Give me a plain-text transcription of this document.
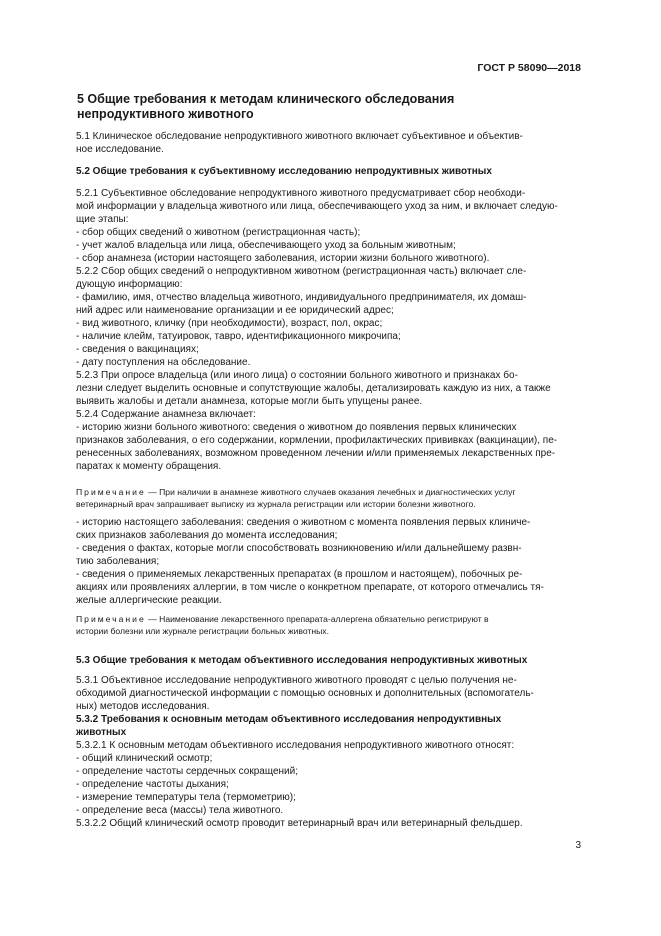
ГОСТ Р 58090—2018
5 Общие требования к методам клинического обследования
непродуктивного животного
5.1 Клиническое обследование непродуктивного животного включает субъективное и объектив-
ное исследование.
5.2 Общие требования к субъективному исследованию непродуктивных животных
5.2.1 Субъективное обследование непродуктивного животного предусматривает сбор необходи-
мой информации у владельца животного или лица, обеспечивающего уход за ним, и включает следую-
щие этапы:
- сбор общих сведений о животном (регистрационная часть);
- учет жалоб владельца или лица, обеспечивающего уход за больным животным;
- сбор анамнеза (истории настоящего заболевания, истории жизни больного животного).
5.2.2 Сбор общих сведений о непродуктивном животном (регистрационная часть) включает сле-
дующую информацию:
- фамилию, имя, отчество владельца животного, индивидуального предпринимателя, их домаш-
ний адрес или наименование организации и ее юридический адрес;
- вид животного, кличку (при необходимости), возраст, пол, окрас;
- наличие клейм, татуировок, тавро, идентификационного микрочипа;
- сведения о вакцинациях;
- дату поступления на обследование.
5.2.3 При опросе владельца (или иного лица) о состоянии больного животного и признаках бо-
лезни следует выделить основные и сопутствующие жалобы, детализировать каждую из них, а также
выявить жалобы и детали анамнеза, которые могли быть упущены ранее.
5.2.4 Содержание анамнеза включает:
- историю жизни больного животного: сведения о животном до появления первых клинических
признаков заболевания, о его содержании, кормлении, профилактических прививках (вакцинации), пе-
ренесенных заболеваниях, возможном проведенном лечении и/или применяемых лекарственных пре-
паратах к моменту обращения.
Примечание — При наличии в анамнезе животного случаев оказания лечебных и диагностических услуг
ветеринарный врач запрашивает выписку из журнала регистрации или истории болезни животного.
- историю настоящего заболевания: сведения о животном с момента появления первых клиниче-
ских признаков заболевания до момента исследования;
- сведения о фактах, которые могли способствовать возникновению и/или дальнейшему развн-
тию заболевания;
- сведения о применяемых лекарственных препаратах (в прошлом и настоящем), побочных ре-
акциях или проявлениях аллергии, в том числе о конкретном препарате, от которого отмечались тя-
желые аллергические реакции.
Примечание — Наименование лекарственного препарата-аллергена обязательно регистрируют в
истории болезни или журнале регистрации больных животных.
5.3 Общие требования к методам объективного исследования непродуктивных животных
5.3.1 Объективное исследование непродуктивного животного проводят с целью получения не-
обходимой диагностической информации с помощью основных и дополнительных (вспомогатель-
ных) методов исследования.
5.3.2 Требования к основным методам объективного исследования непродуктивных
животных
5.3.2.1 К основным методам объективного исследования непродуктивного животного относят:
- общий клинический осмотр;
- определение частоты сердечных сокращений;
- определение частоты дыхания;
- измерение температуры тела (термометрию);
- определение веса (массы) тела животного.
5.3.2.2 Общий клинический осмотр проводит ветеринарный врач или ветеринарный фельдшер.
3
